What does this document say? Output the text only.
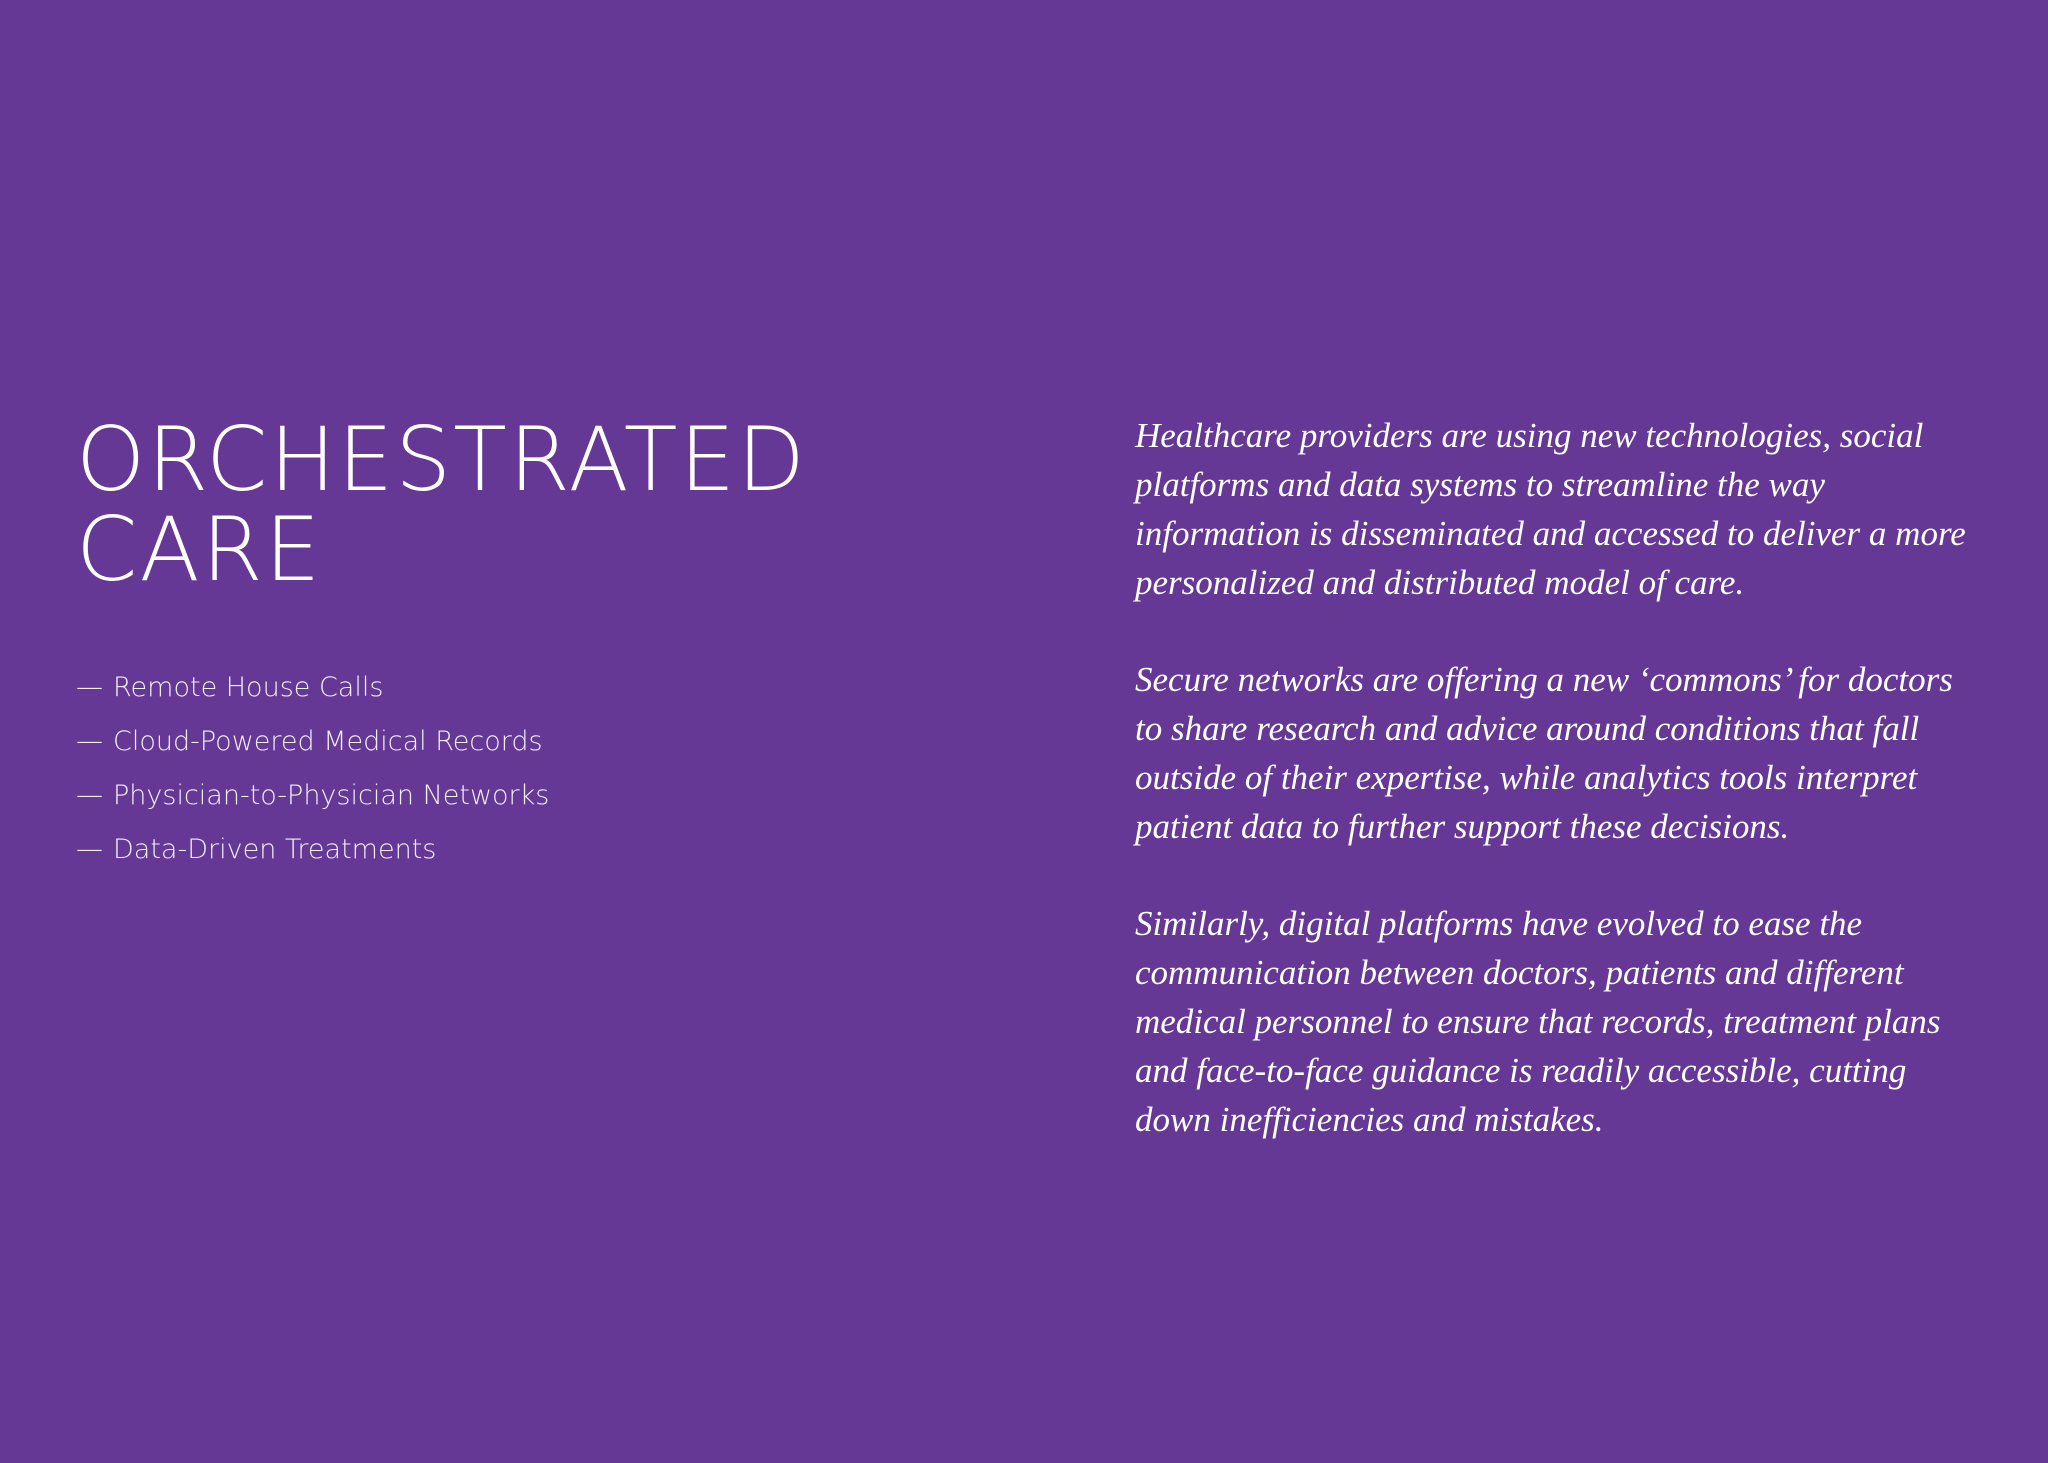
ORCHESTRATED
CARE
— Remote House Calls
— Cloud-Powered Medical Records
— Physician-to-Physician Networks
— Data-Driven Treatments

Healthcare providers are using new technologies, social platforms and data systems to streamline the way information is disseminated and accessed to deliver a more personalized and distributed model of care.

Secure networks are offering a new ‘commons’ for doctors to share research and advice around conditions that fall outside of their expertise, while analytics tools interpret patient data to further support these decisions.

Similarly, digital platforms have evolved to ease the communication between doctors, patients and different medical personnel to ensure that records, treatment plans and face-to-face guidance is readily accessible, cutting down inefficiencies and mistakes.
